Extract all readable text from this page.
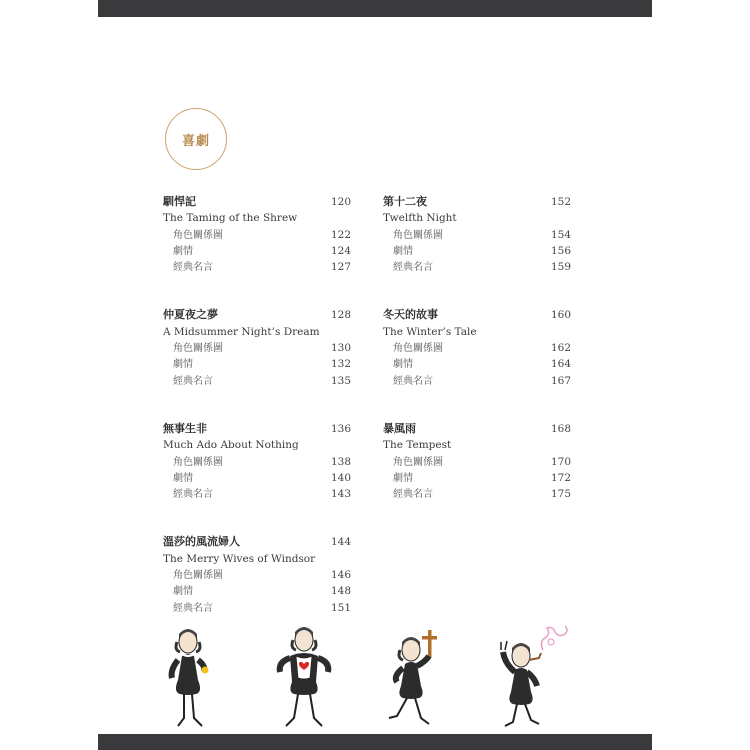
喜劇
馴悍記	120
The Taming of the Shrew
角色關係圖	122
劇情	124
經典名言	127
仲夏夜之夢	128
A Midsummer Night’s Dream
角色關係圖	130
劇情	132
經典名言	135
無事生非	136
Much Ado About Nothing
角色關係圖	138
劇情	140
經典名言	143
溫莎的風流婦人	144
The Merry Wives of Windsor
角色關係圖	146
劇情	148
經典名言	151
第十二夜	152
Twelfth Night
角色關係圖	154
劇情	156
經典名言	159
冬天的故事	160
The Winter’s Tale
角色關係圖	162
劇情	164
經典名言	167
暴風雨	168
The Tempest
角色關係圖	170
劇情	172
經典名言	175
